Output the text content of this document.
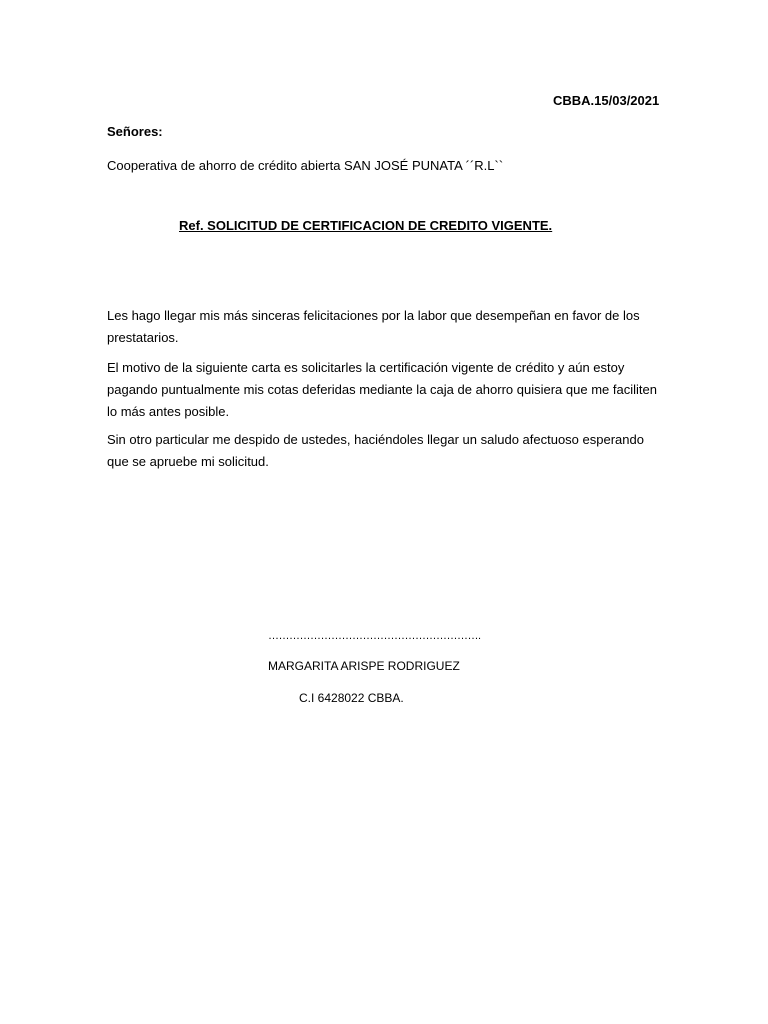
CBBA.15/03/2021
Señores:
Cooperativa de ahorro de crédito abierta SAN JOSÉ PUNATA ´´R.L``
Ref. SOLICITUD DE CERTIFICACION DE CREDITO VIGENTE.

Les hago llegar mis más sinceras felicitaciones por la labor que desempeñan en favor de los prestatarios.

El motivo de la siguiente carta es solicitarles la certificación vigente de crédito y aún estoy pagando puntualmente mis cotas deferidas mediante la caja de ahorro quisiera que me faciliten lo más antes posible.

Sin otro particular me despido de ustedes, haciéndoles llegar un saludo afectuoso esperando que se apruebe mi solicitud.

…………………………………………………….
MARGARITA ARISPE RODRIGUEZ
C.I 6428022 CBBA.
